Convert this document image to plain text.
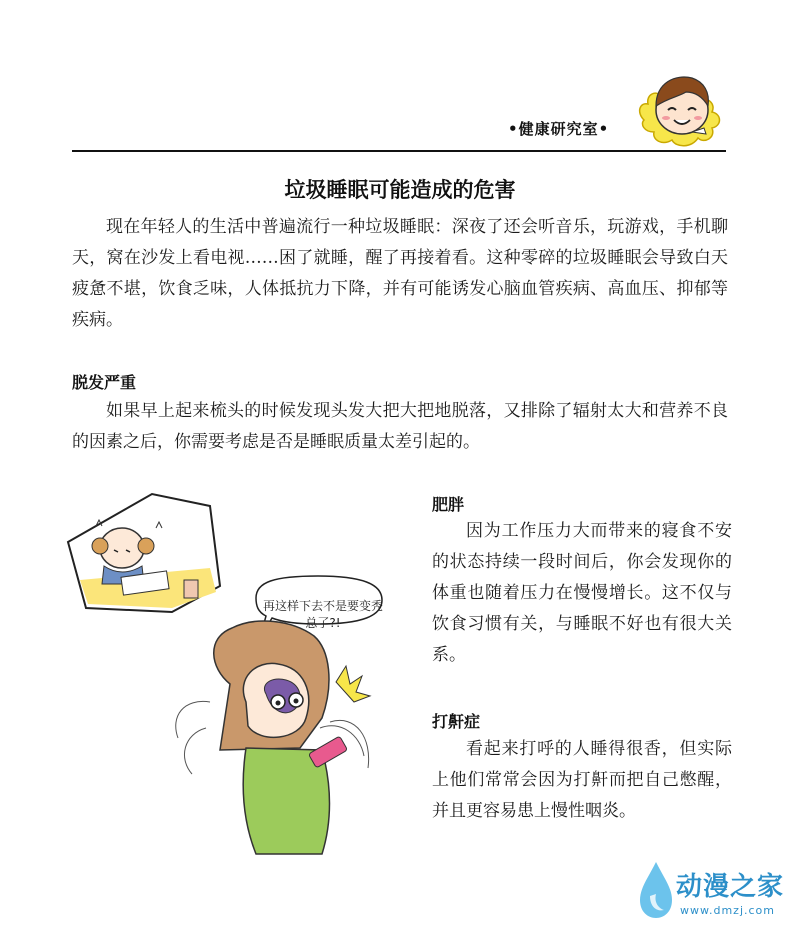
•健康研究室•
垃圾睡眠可能造成的危害

现在年轻人的生活中普遍流行一种垃圾睡眠：深夜了还会听音乐，玩游戏，手机聊天，窝在沙发上看电视……困了就睡，醒了再接着看。这种零碎的垃圾睡眠会导致白天疲惫不堪，饮食乏味，人体抵抗力下降，并有可能诱发心脑血管疾病、高血压、抑郁等疾病。

脱发严重

如果早上起来梳头的时候发现头发大把大把地脱落，又排除了辐射太大和营养不良的因素之后，你需要考虑是否是睡眠质量太差引起的。

再这样下去不是要变秃总了?!
肥胖

因为工作压力大而带来的寝食不安的状态持续一段时间后，你会发现你的体重也随着压力在慢慢增长。这不仅与饮食习惯有关，与睡眠不好也有很大关系。

打鼾症

看起来打呼的人睡得很香，但实际上他们常常会因为打鼾而把自己憋醒，并且更容易患上慢性咽炎。

动漫之家
www.dmzj.com
